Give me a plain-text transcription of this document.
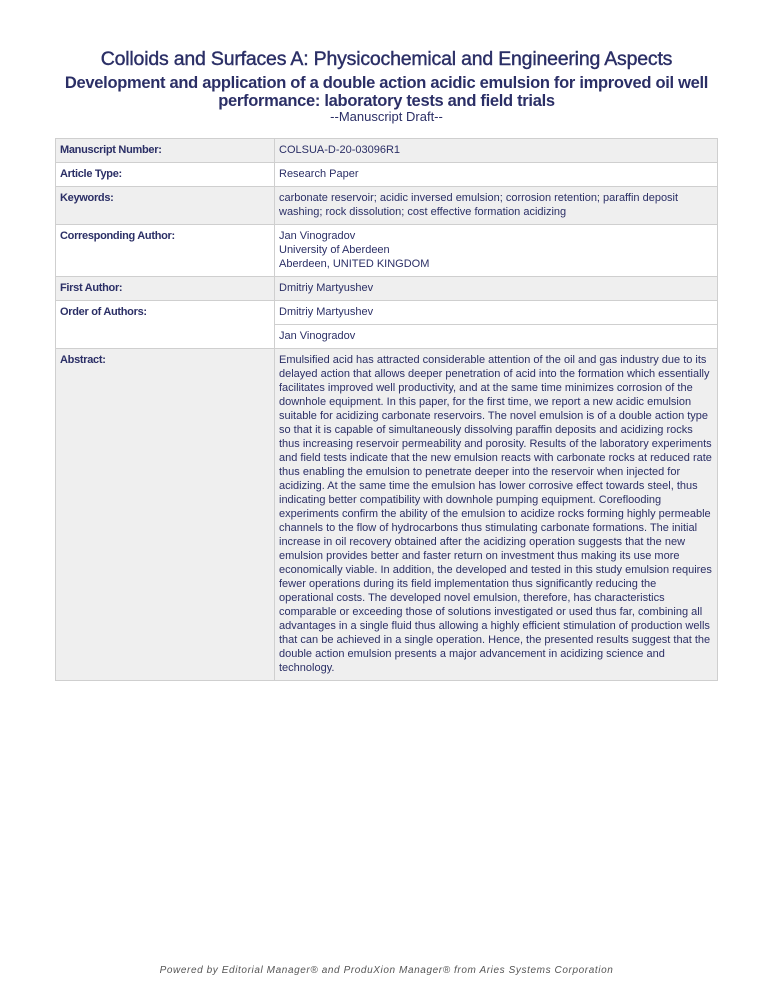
Colloids and Surfaces A: Physicochemical and Engineering Aspects
Development and application of a double action acidic emulsion for improved oil well performance: laboratory tests and field trials
--Manuscript Draft--
Manuscript Number:	COLSUA-D-20-03096R1
Article Type:	Research Paper
Keywords:	carbonate reservoir; acidic inversed emulsion; corrosion retention; paraffin deposit washing; rock dissolution; cost effective formation acidizing
Corresponding Author:	Jan Vinogradov
University of Aberdeen
Aberdeen, UNITED KINGDOM

First Author:	Dmitriy Martyushev
Order of Authors:	Dmitriy Martyushev
	Jan Vinogradov
Abstract:	Emulsified acid has attracted considerable attention of the oil and gas industry due to its delayed action that allows deeper penetration of acid into the formation which essentially facilitates improved well productivity, and at the same time minimizes corrosion of the downhole equipment. In this paper, for the first time, we report a new acidic emulsion suitable for acidizing carbonate reservoirs. The novel emulsion is of a double action type so that it is capable of simultaneously dissolving paraffin deposits and acidizing rocks thus increasing reservoir permeability and porosity. Results of the laboratory experiments and field tests indicate that the new emulsion reacts with carbonate rocks at reduced rate thus enabling the emulsion to penetrate deeper into the reservoir when injected for acidizing. At the same time the emulsion has lower corrosive effect towards steel, thus indicating better compatibility with downhole pumping equipment. Coreflooding experiments confirm the ability of the emulsion to acidize rocks forming highly permeable channels to the flow of hydrocarbons thus stimulating carbonate formations. The initial increase in oil recovery obtained after the acidizing operation suggests that the new emulsion provides better and faster return on investment thus making its use more economically viable. In addition, the developed and tested in this study emulsion requires fewer operations during its field implementation thus significantly reducing the operational costs. The developed novel emulsion, therefore, has characteristics comparable or exceeding those of solutions investigated or used thus far, combining all advantages in a single fluid thus allowing a highly efficient stimulation of production wells that can be achieved in a single operation. Hence, the presented results suggest that the double action emulsion presents a major advancement in acidizing science and technology.
Powered by Editorial Manager® and ProduXion Manager® from Aries Systems Corporation
